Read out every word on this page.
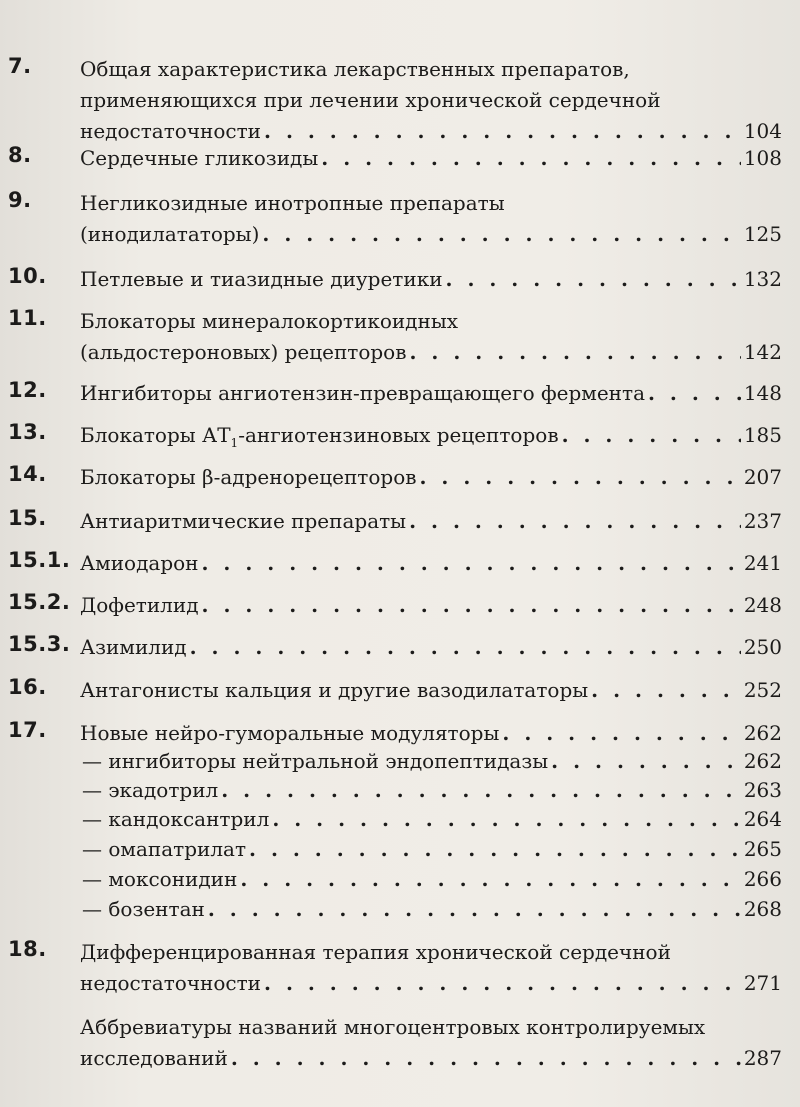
7. Общая характеристика лекарственных препаратов,
применяющихся при лечении хронической сердечной
недостаточности . . .	104
8. Сердечные гликозиды . . .	108
9. Негликозидные инотропные препараты
(инодилататоры) . . .	125
10. Петлевые и тиазидные диуретики . . .	132
11. Блокаторы минералокортикоидных
(альдостероновых) рецепторов . . .	142
12. Ингибиторы ангиотензин-превращающего фермента . . .	148
13. Блокаторы $АТ_1$-ангиотензиновых рецепторов . . .	185
14. Блокаторы β-адренорецепторов . . .	207
15. Антиаритмические препараты . . .	237
15.1. Амиодарон . . .	241
15.2. Дофетилид . . .	248
15.3. Азимилид . . .	250
16. Антагонисты кальция и другие вазодилататоры . . .	252
17. Новые нейро-гуморальные модуляторы . . .	262
— ингибиторы нейтральной эндопептидазы . . .	262
— экадотрил . . .	263
— кандоксантрил . . .	264
— омапатрилат . . .	265
— моксонидин . . .	266
— бозентан . . .	268
18. Дифференцированная терапия хронической сердечной
недостаточности . . .	271
Аббревиатуры названий многоцентровых контролируемых
исследований . . .	287
